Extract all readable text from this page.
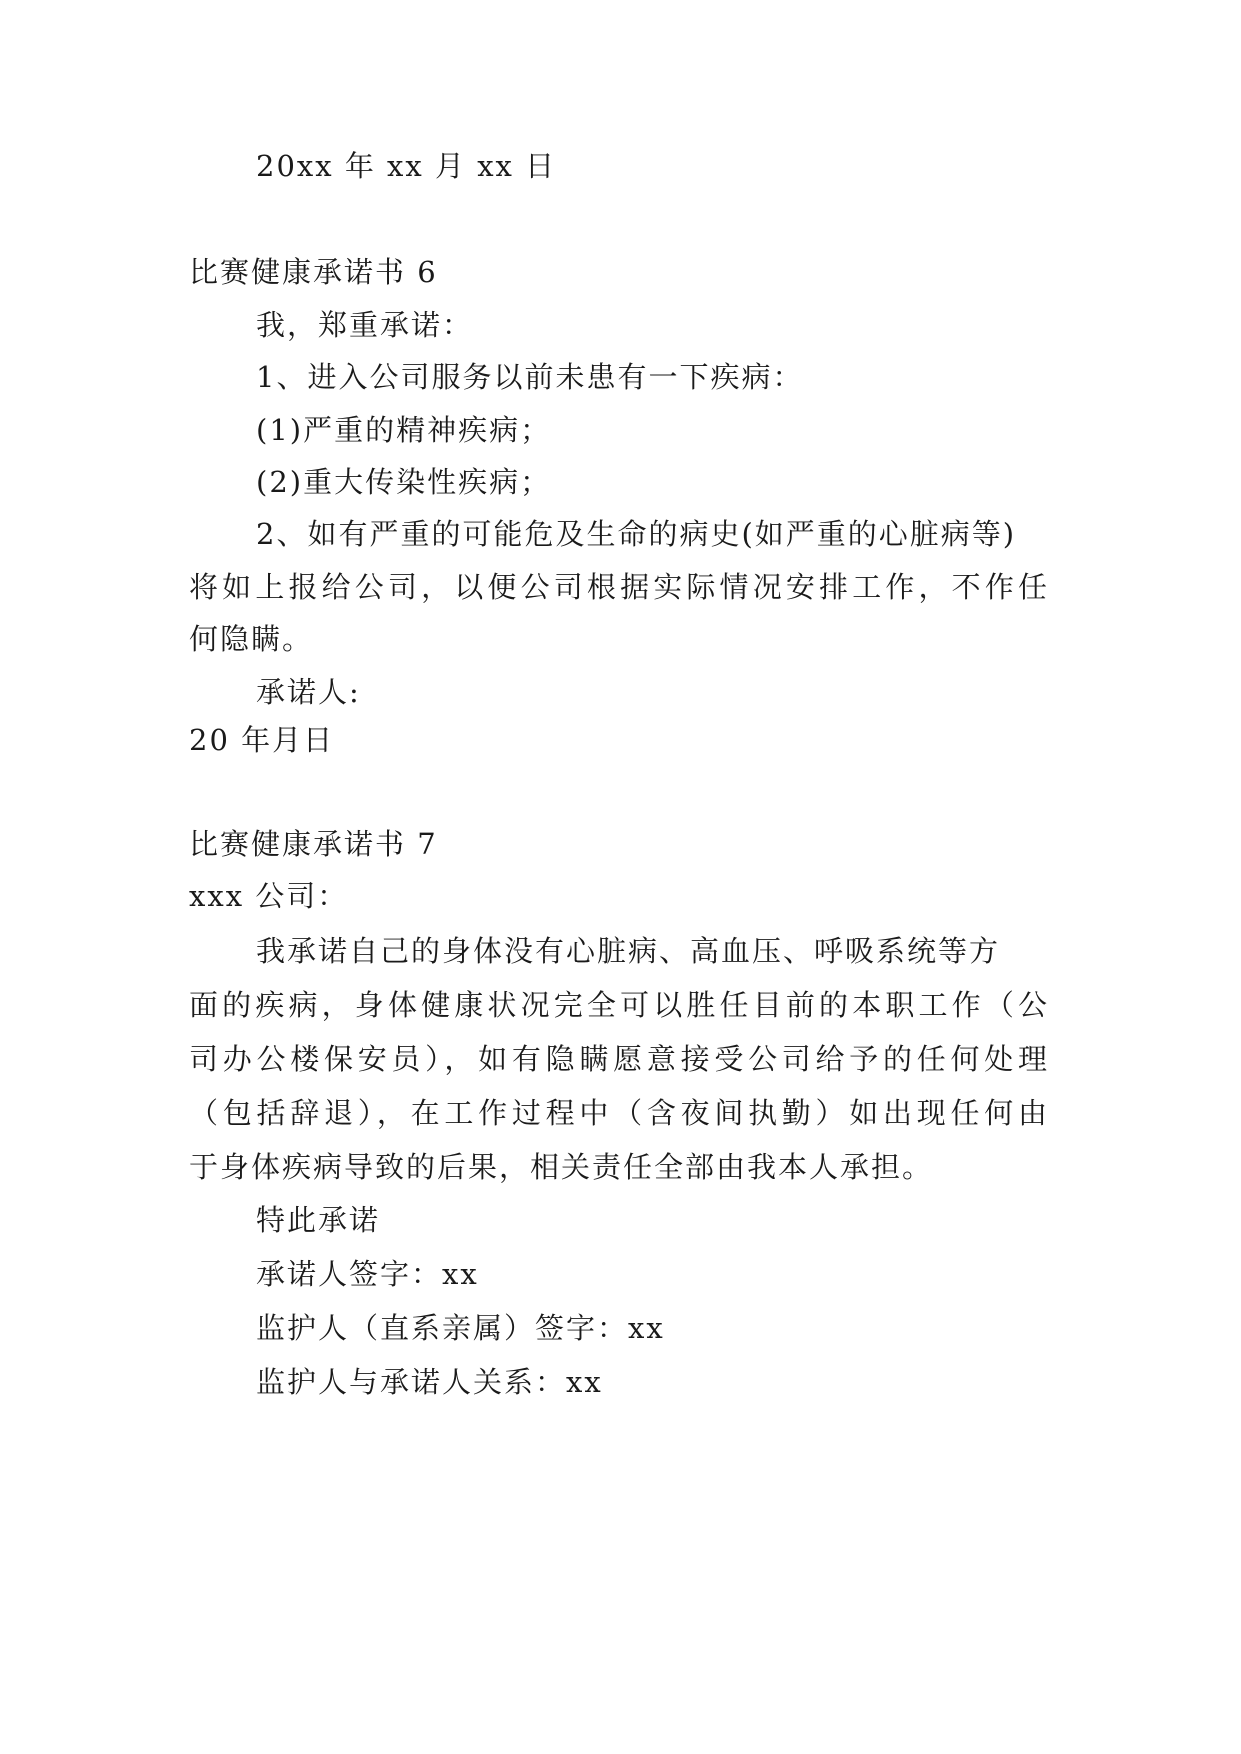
20xx 年 xx 月 xx 日
比赛健康承诺书 6
我，郑重承诺：
1、进入公司服务以前未患有一下疾病：
(1)严重的精神疾病；
(2)重大传染性疾病；
2、如有严重的可能危及生命的病史(如严重的心脏病等)
将如上报给公司，以便公司根据实际情况安排工作，不作任
何隐瞒。
承诺人:
20 年月日
比赛健康承诺书 7
xxx 公司：
我承诺自己的身体没有心脏病、高血压、呼吸系统等方
面的疾病，身体健康状况完全可以胜任目前的本职工作（公
司办公楼保安员），如有隐瞒愿意接受公司给予的任何处理
（包括辞退），在工作过程中（含夜间执勤）如出现任何由
于身体疾病导致的后果，相关责任全部由我本人承担。
特此承诺
承诺人签字：xx
监护人（直系亲属）签字：xx
监护人与承诺人关系：xx
